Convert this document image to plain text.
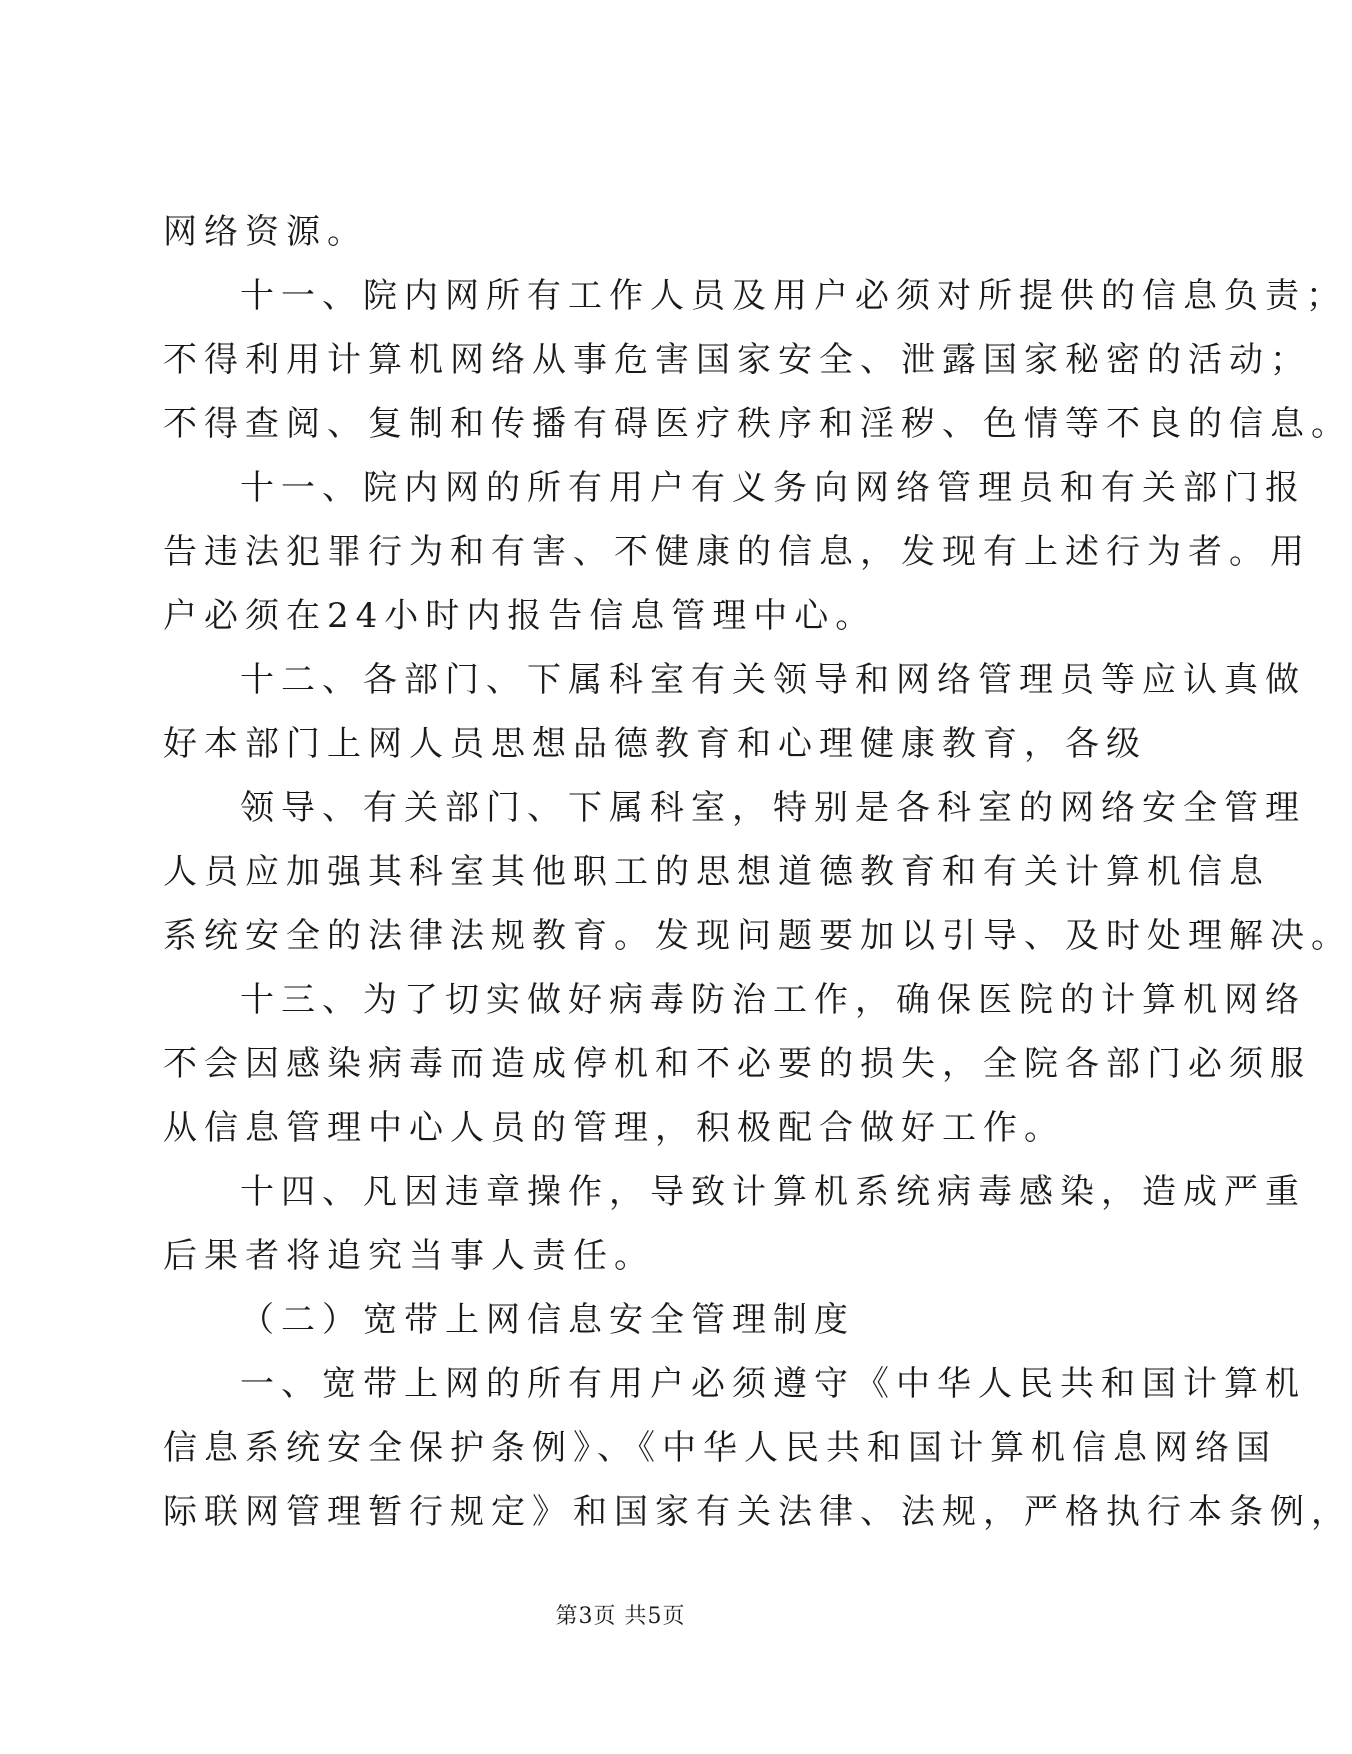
网络资源。
十一、院内网所有工作人员及用户必须对所提供的信息负责；
不得利用计算机网络从事危害国家安全、泄露国家秘密的活动；
不得查阅、复制和传播有碍医疗秩序和淫秽、色情等不良的信息。
十一、院内网的所有用户有义务向网络管理员和有关部门报
告违法犯罪行为和有害、不健康的信息，发现有上述行为者。用
户必须在24小时内报告信息管理中心。
十二、各部门、下属科室有关领导和网络管理员等应认真做
好本部门上网人员思想品德教育和心理健康教育，各级
领导、有关部门、下属科室，特别是各科室的网络安全管理
人员应加强其科室其他职工的思想道德教育和有关计算机信息
系统安全的法律法规教育。发现问题要加以引导、及时处理解决。
十三、为了切实做好病毒防治工作，确保医院的计算机网络
不会因感染病毒而造成停机和不必要的损失，全院各部门必须服
从信息管理中心人员的管理，积极配合做好工作。
十四、凡因违章操作，导致计算机系统病毒感染，造成严重
后果者将追究当事人责任。
（二）宽带上网信息安全管理制度
一、宽带上网的所有用户必须遵守《中华人民共和国计算机
信息系统安全保护条例》、《中华人民共和国计算机信息网络国
际联网管理暂行规定》和国家有关法律、法规，严格执行本条例，
第3页 共5页
